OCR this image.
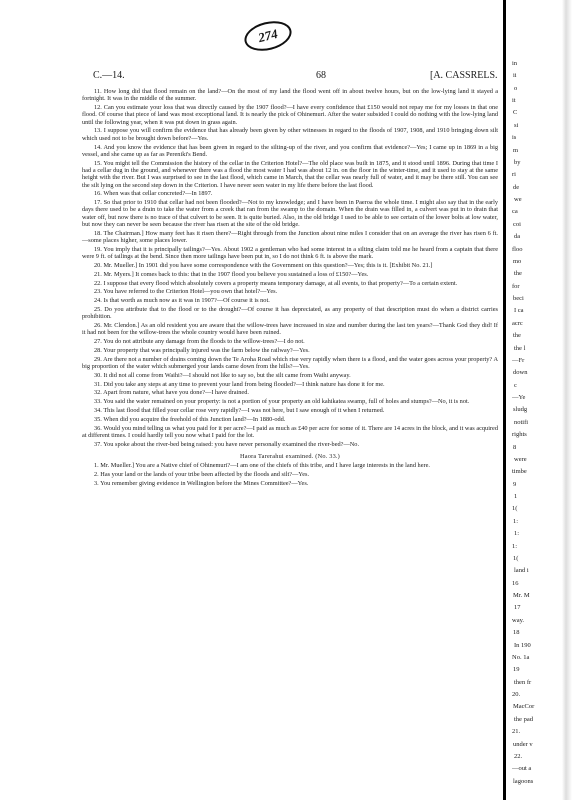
274
C.—14.	68	[A. CASSRELS.

11. How long did that flood remain on the land?—On the most of my land the flood went off in about twelve hours, but on the low-lying land it stayed a fortnight. It was in the middle of the summer.

12. Can you estimate your loss that was directly caused by the 1907 flood?—I have every confidence that £150 would not repay me for my losses in that one flood. Of course that piece of land was most exceptional land. It is nearly the pick of Ohinemuri. After the water subsided I could do nothing with the low-lying land until the following year, when it was put down in grass again.

13. I suppose you will confirm the evidence that has already been given by other witnesses in regard to the floods of 1907, 1908, and 1910 bringing down silt which used not to be brought down before?—Yes.

14. And you know the evidence that has been given in regard to the silting-up of the river, and you confirm that evidence?—Yes; I came up in 1869 in a big vessel, and she came up as far as Pereniki's Bend.

15. You might tell the Commission the history of the cellar in the Criterion Hotel?—The old place was built in 1875, and it stood until 1896. During that time I had a cellar dug in the ground, and whenever there was a flood the most water I had was about 12 in. on the floor in the winter-time, and it used to stay at the same height with the river. But I was surprised to see in the last flood, which came in March, that the cellar was nearly full of water, and it may be there still. You can see the silt lying on the second step down in the Criterion. I have never seen water in my life there before the last flood.

16. When was that cellar concreted?—In 1897.

17. So that prior to 1910 that cellar had not been flooded?—Not to my knowledge; and I have been in Paeroa the whole time. I might also say that in the early days there used to be a drain to take the water from a creek that ran from the swamp to the domain. When the drain was filled in, a culvert was put in to drain that water off, but now there is no trace of that culvert to be seen. It is quite buried. Also, in the old bridge I used to be able to see certain of the lower bolts at low water, but now they can never be seen because the river has risen at the site of the old bridge.

18. The Chairman.] How many feet has it risen there?—Right through from the Junction about nine miles I consider that on an average the river has risen 6 ft.—some places higher, some places lower.

19. You imply that it is principally tailings?—Yes. About 1902 a gentleman who had some interest in a silting claim told me he heard from a captain that there were 9 ft. of tailings at the bend. Since then more tailings have been put in, so I do not think 6 ft. is above the mark.

20. Mr. Mueller.] In 1901 did you have some correspondence with the Government on this question?—Yes; this is it. [Exhibit No. 21.]

21. Mr. Myers.] It comes back to this: that in the 1907 flood you believe you sustained a loss of £150?—Yes.

22. I suppose that every flood which absolutely covers a property means temporary damage, at all events, to that property?—To a certain extent.

23. You have referred to the Criterion Hotel—you own that hotel?—Yes.

24. Is that worth as much now as it was in 1907?—Of course it is not.

25. Do you attribute that to the flood or to the drought?—Of course it has depreciated, as any property of that description must do when a district carries prohibition.

26. Mr. Clendon.] As an old resident you are aware that the willow-trees have increased in size and number during the last ten years?—Thank God they did! If it had not been for the willow-trees the whole country would have been ruined.

27. You do not attribute any damage from the floods to the willow-trees?—I do not.

28. Your property that was principally injured was the farm below the railway?—Yes.

29. Are there not a number of drains coming down the Te Aroha Road which rise very rapidly when there is a flood, and the water goes across your property? A big proportion of the water which submerged your lands came down from the hills?—Yes.

30. It did not all come from Waihi?—I should not like to say so, but the silt came from Waihi anyway.

31. Did you take any steps at any time to prevent your land from being flooded?—I think nature has done it for me.

32. Apart from nature, what have you done?—I have drained.

33. You said the water remained on your property: is not a portion of your property an old kahikatea swamp, full of holes and stumps?—No, it is not.

34. This last flood that filled your cellar rose very rapidly?—I was not here, but I saw enough of it when I returned.

35. When did you acquire the freehold of this Junction land?—In 1880-odd.

36. Would you mind telling us what you paid for it per acre?—I paid as much as £40 per acre for some of it. There are 14 acres in the block, and it was acquired at different times. I could hardly tell you now what I paid for the lot.

37. You spoke about the river-bed being raised: you have never personally examined the river-bed?—No.

Haora Tarerahui examined. (No. 33.)

1. Mr. Mueller.] You are a Native chief of Ohinemuri?—I am one of the chiefs of this tribe, and I have large interests in the land here.

2. Has your land or the lands of your tribe been affected by the floods and silt?—Yes.

3. You remember giving evidence in Wellington before the Mines Committee?—Yes.

in
ii
o
it
C
si
is
m
by
ri
de
we
ca
coi
da
floo
mo
the
for
beci
I ca
acrc
the
the l
—Fr
down
c
—Ye
sludg
notifi
rights
8
were
timbe
9
1
1(
1:
1:
1:
1(
land i
16
Mr. M
17
way.
18
In 190
No. 1a
19
then fr
20.
MacCor
the pad
21.
under v
22.
—out a
lagoons
